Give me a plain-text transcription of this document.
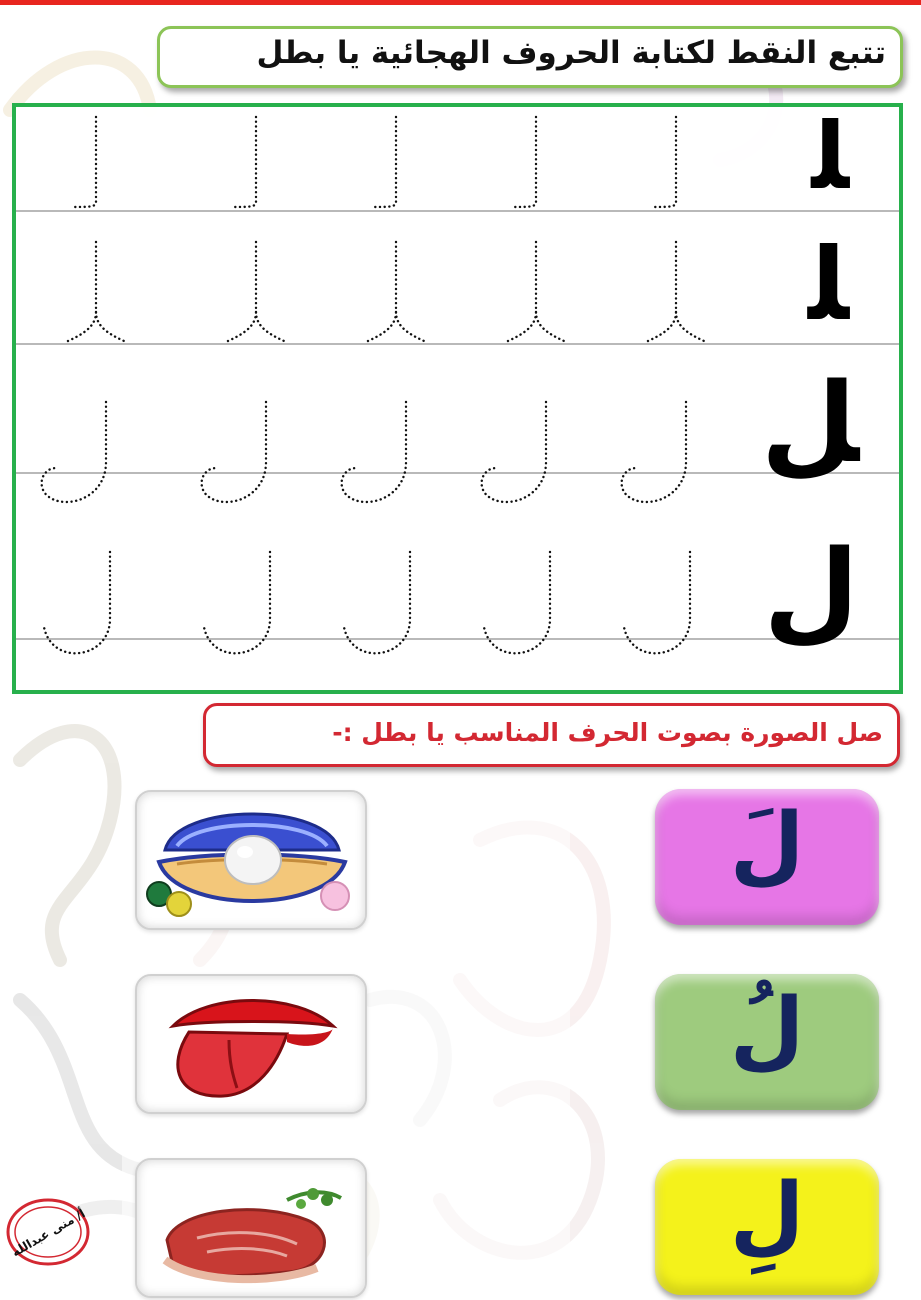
تتبع النقط لكتابة الحروف الهجائية يا بطل
ﻠ
ﻠ
ﻞ
ل
صل الصورة بصوت الحرف المناسب يا بطل :-
لَ
لُ
لِ
أ/ منى عبدالله
